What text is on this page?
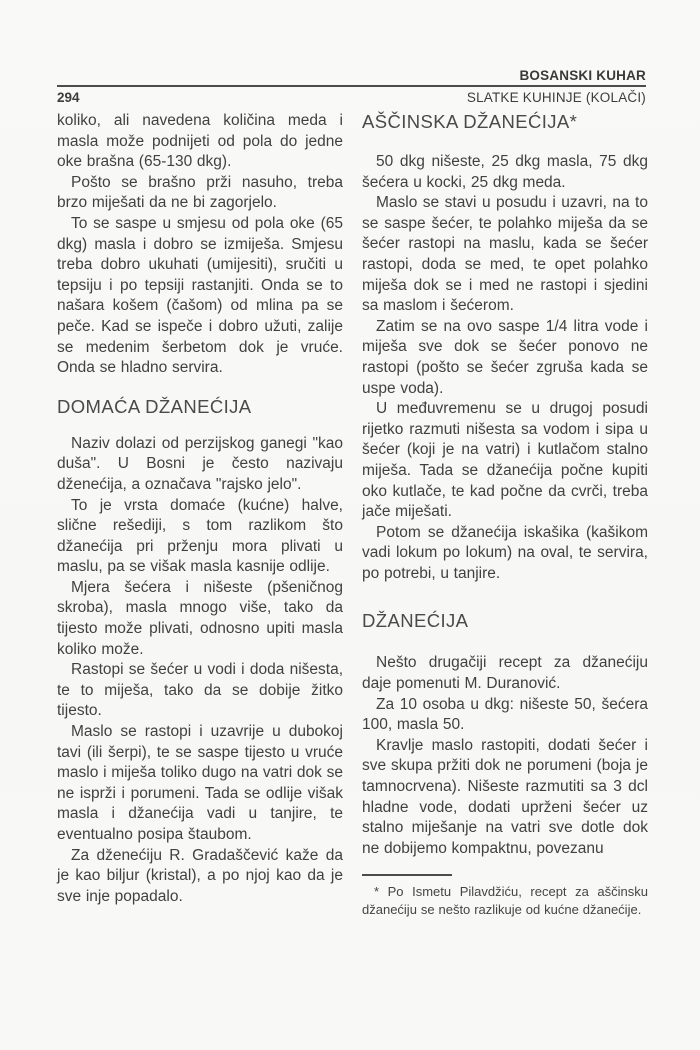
BOSANSKI KUHAR
294	SLATKE KUHINJE (KOLAČI)

koliko, ali navedena količina meda i masla može podnijeti od pola do jedne oke brašna (65-130 dkg).

Pošto se brašno prži nasuho, treba brzo miješati da ne bi zagorjelo.

To se saspe u smjesu od pola oke (65 dkg) masla i dobro se izmiješa. Smjesu treba dobro ukuhati (umijesiti), sručiti u tepsiju i po tepsiji rastanjiti. Onda se to našara košem (čašom) od mlina pa se peče. Kad se ispeče i dobro užuti, zalije se medenim šerbetom dok je vruće. Onda se hladno servira.

DOMAĆA DŽANEĆIJA

Naziv dolazi od perzijskog ganegi "kao duša". U Bosni je često nazivaju dženećija, a označava "rajsko jelo".

To je vrsta domaće (kućne) halve, slične rešediji, s tom razlikom što džanećija pri prženju mora plivati u maslu, pa se višak masla kasnije odlije.

Mjera šećera i nišeste (pšeničnog skroba), masla mnogo više, tako da tijesto može plivati, odnosno upiti masla koliko može.

Rastopi se šećer u vodi i doda nišesta, te to miješa, tako da se dobije žitko tijesto.

Maslo se rastopi i uzavrije u dubokoj tavi (ili šerpi), te se saspe tijesto u vruće maslo i miješa toliko dugo na vatri dok se ne isprži i porumeni. Tada se odlije višak masla i džanećija vadi u tanjire, te eventualno posipa štaubom.

Za dženećiju R. Gradaščević kaže da je kao biljur (kristal), a po njoj kao da je sve inje popadalo.

AŠČINSKA DŽANEĆIJA*

50 dkg nišeste, 25 dkg masla, 75 dkg šećera u kocki, 25 dkg meda.

Maslo se stavi u posudu i uzavri, na to se saspe šećer, te polahko miješa da se šećer rastopi na maslu, kada se šećer rastopi, doda se med, te opet polahko miješa dok se i med ne rastopi i sjedini sa maslom i šećerom.

Zatim se na ovo saspe 1/4 litra vode i miješa sve dok se šećer ponovo ne rastopi (pošto se šećer zgruša kada se uspe voda).

U međuvremenu se u drugoj posudi rijetko razmuti nišesta sa vodom i sipa u šećer (koji je na vatri) i kutlačom stalno miješa. Tada se džanećija počne kupiti oko kutlače, te kad počne da cvrči, treba jače miješati.

Potom se džanećija iskašika (kašikom vadi lokum po lokum) na oval, te servira, po potrebi, u tanjire.

DŽANEĆIJA

Nešto drugačiji recept za džanećiju daje pomenuti M. Duranović.

Za 10 osoba u dkg: nišeste 50, šećera 100, masla 50.

Kravlje maslo rastopiti, dodati šećer i sve skupa pržiti dok ne porumeni (boja je tamnocrvena). Nišeste razmutiti sa 3 dcl hladne vode, dodati uprženi šećer uz stalno miješanje na vatri sve dotle dok ne dobijemo kompaktnu, povezanu

* Po Ismetu Pilavdžiću, recept za aščinsku džanećiju se nešto razlikuje od kućne džanećije.
